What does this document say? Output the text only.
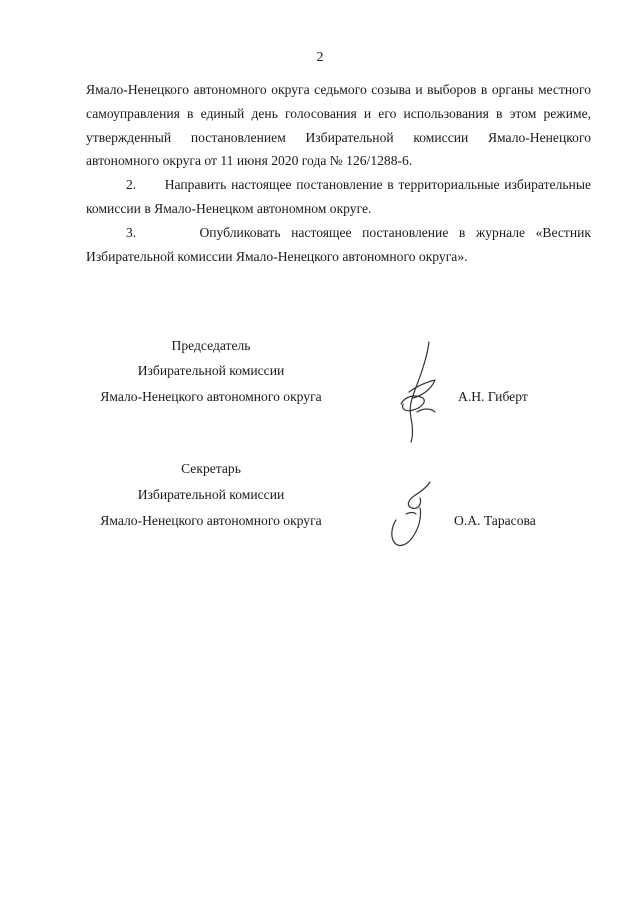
2

Ямало-Ненецкого автономного округа седьмого созыва и выборов в органы местного самоуправления в единый день голосования и его использования в этом режиме, утвержденный постановлением Избирательной комиссии Ямало-Ненецкого автономного округа от 11 июня 2020 года № 126/1288-6.

2.      Направить настоящее постановление в территориальные избирательные комиссии в Ямало-Ненецком автономном округе.

3.      Опубликовать настоящее постановление в журнале «Вестник Избирательной комиссии Ямало-Ненецкого автономного округа».

Председатель
Избирательной комиссии
Ямало-Ненецкого автономного округа	А.Н. Гиберт
Секретарь
Избирательной комиссии
Ямало-Ненецкого автономного округа	О.А. Тарасова
